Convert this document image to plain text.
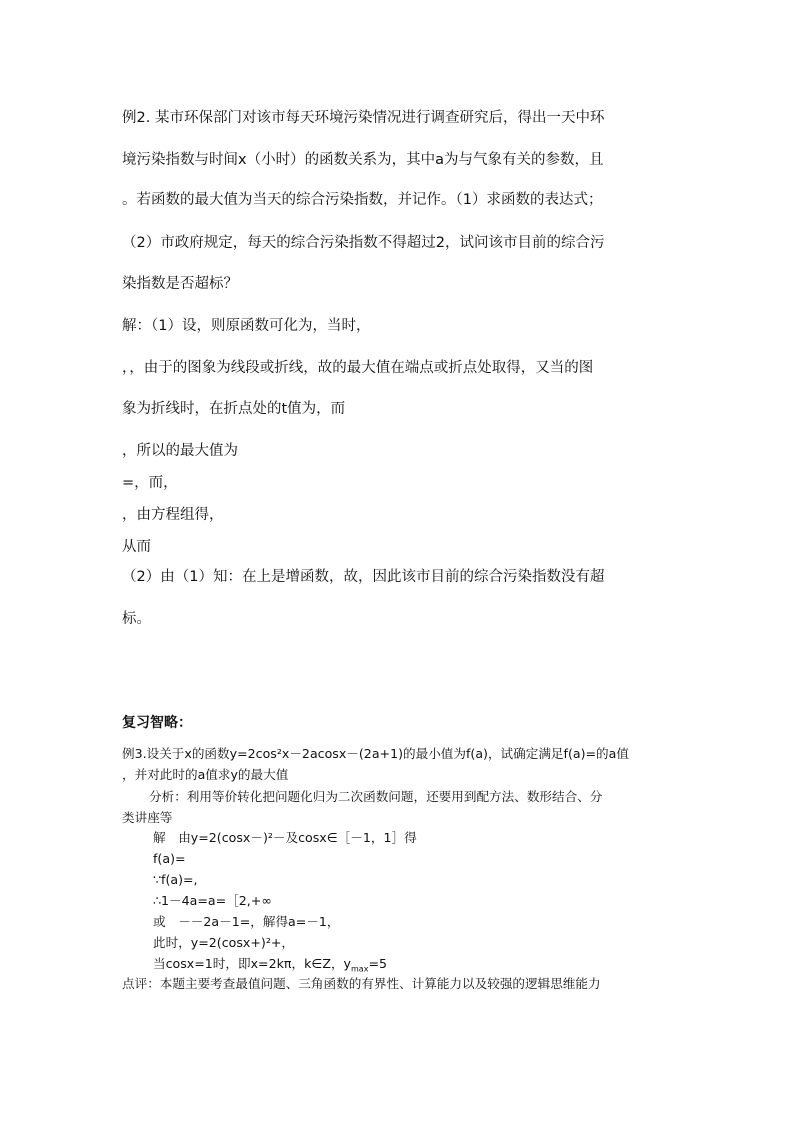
例2. 某市环保部门对该市每天环境污染情况进行调查研究后，得出一天中环
境污染指数与时间x（小时）的函数关系为，其中a为与气象有关的参数，且
。若函数的最大值为当天的综合污染指数，并记作。（1）求函数的表达式；
（2）市政府规定，每天的综合污染指数不得超过2，试问该市目前的综合污
染指数是否超标？
解：（1）设，则原函数可化为，当时，
，，由于的图象为线段或折线，故的最大值在端点或折点处取得，又当的图
象为折线时，在折点处的t值为，而
，所以的最大值为
=，而，
，由方程组得，
从而
（2）由（1）知：在上是增函数，故，因此该市目前的综合污染指数没有超
标。
复习智略：
例3.设关于x的函数y=2cos²x－2acosx－(2a+1)的最小值为f(a)，试确定满足f(a)=的a值
，并对此时的a值求y的最大值
分析：利用等价转化把问题化归为二次函数问题，还要用到配方法、数形结合、分
类讲座等
解　由y=2(cosx－)²－及cosx∈［－1，1］得
f(a)=
∵f(a)=,
∴1－4a=a=［2,+∞
或　－－2a－1=，解得a=－1，
此时，y=2(cosx+)²+，
当cosx=1时，即x=2kπ，k∈Z，$y_{max}=5$
点评：本题主要考查最值问题、三角函数的有界性、计算能力以及较强的逻辑思维能力
